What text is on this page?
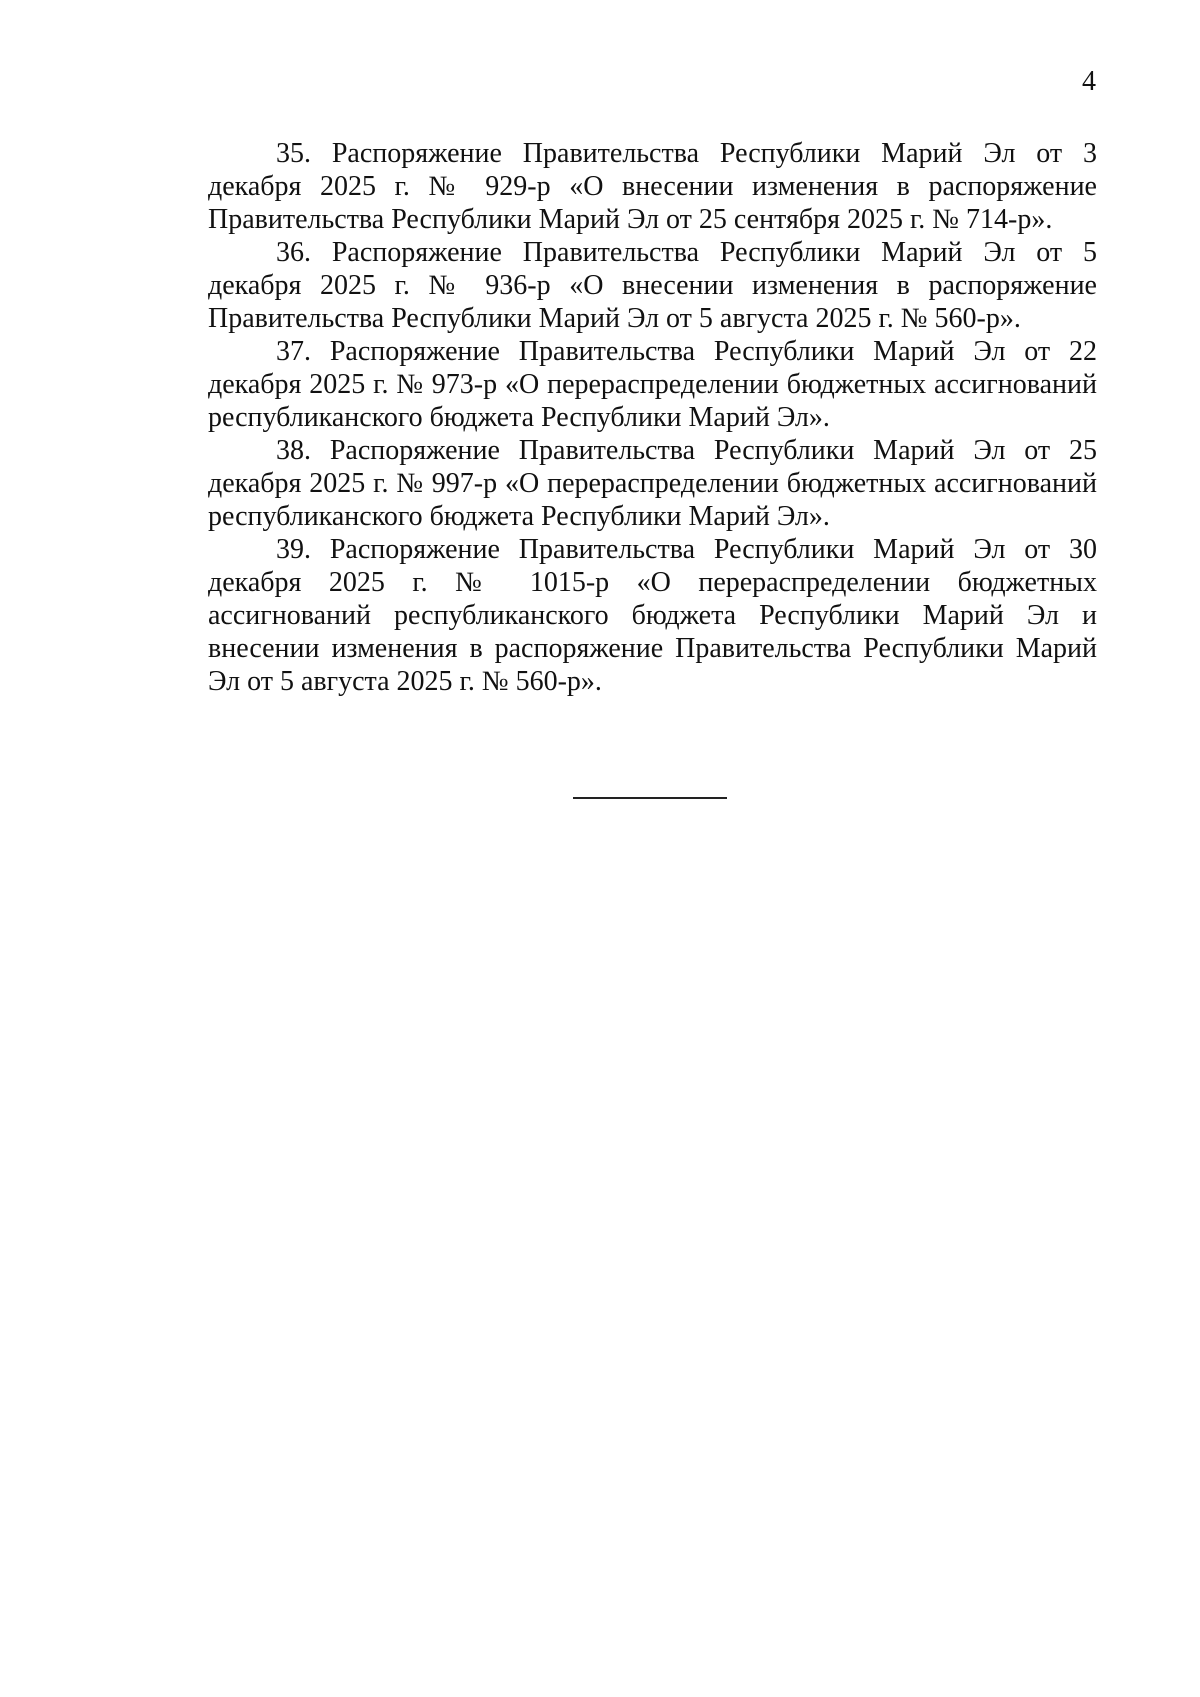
4

35. Распоряжение Правительства Республики Марий Эл от 3 декабря 2025 г. № 929-р «О внесении изменения в распоряжение Правительства Республики Марий Эл от 25 сентября 2025 г. № 714-р».

36. Распоряжение Правительства Республики Марий Эл от 5 декабря 2025 г. № 936-р «О внесении изменения в распоряжение Правительства Республики Марий Эл от 5 августа 2025 г. № 560-р».

37. Распоряжение Правительства Республики Марий Эл от 22 декабря 2025 г. № 973-р «О перераспределении бюджетных ассигнований республиканского бюджета Республики Марий Эл».

38. Распоряжение Правительства Республики Марий Эл от 25 декабря 2025 г. № 997-р «О перераспределении бюджетных ассигнований республиканского бюджета Республики Марий Эл».

39. Распоряжение Правительства Республики Марий Эл от 30 декабря 2025 г. № 1015-р «О перераспределении бюджетных ассигнований республиканского бюджета Республики Марий Эл и внесении изменения в распоряжение Правительства Республики Марий Эл от 5 августа 2025 г. № 560-р».
